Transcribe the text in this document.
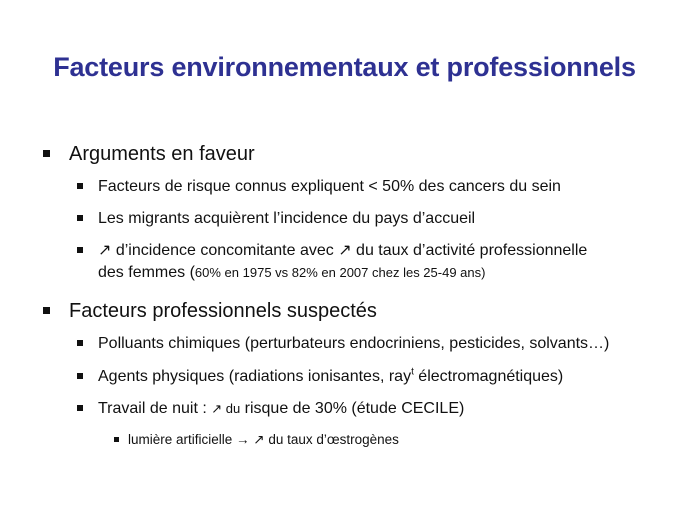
Facteurs environnementaux et professionnels
Arguments en faveur
Facteurs de risque connus expliquent < 50% des cancers du sein
Les migrants acquièrent l’incidence du pays d’accueil
↗ d’incidence concomitante avec ↗ du taux d’activité professionnelle
des femmes (60% en 1975 vs 82% en 2007 chez les 25-49 ans)
Facteurs professionnels suspectés
Polluants chimiques (perturbateurs endocriniens, pesticides, solvants…)
Agents physiques (radiations ionisantes, ray$^t$ électromagnétiques)
Travail de nuit : ↗ du risque de 30% (étude CECILE)
lumière artificielle → ↗ du taux d’œstrogènes
